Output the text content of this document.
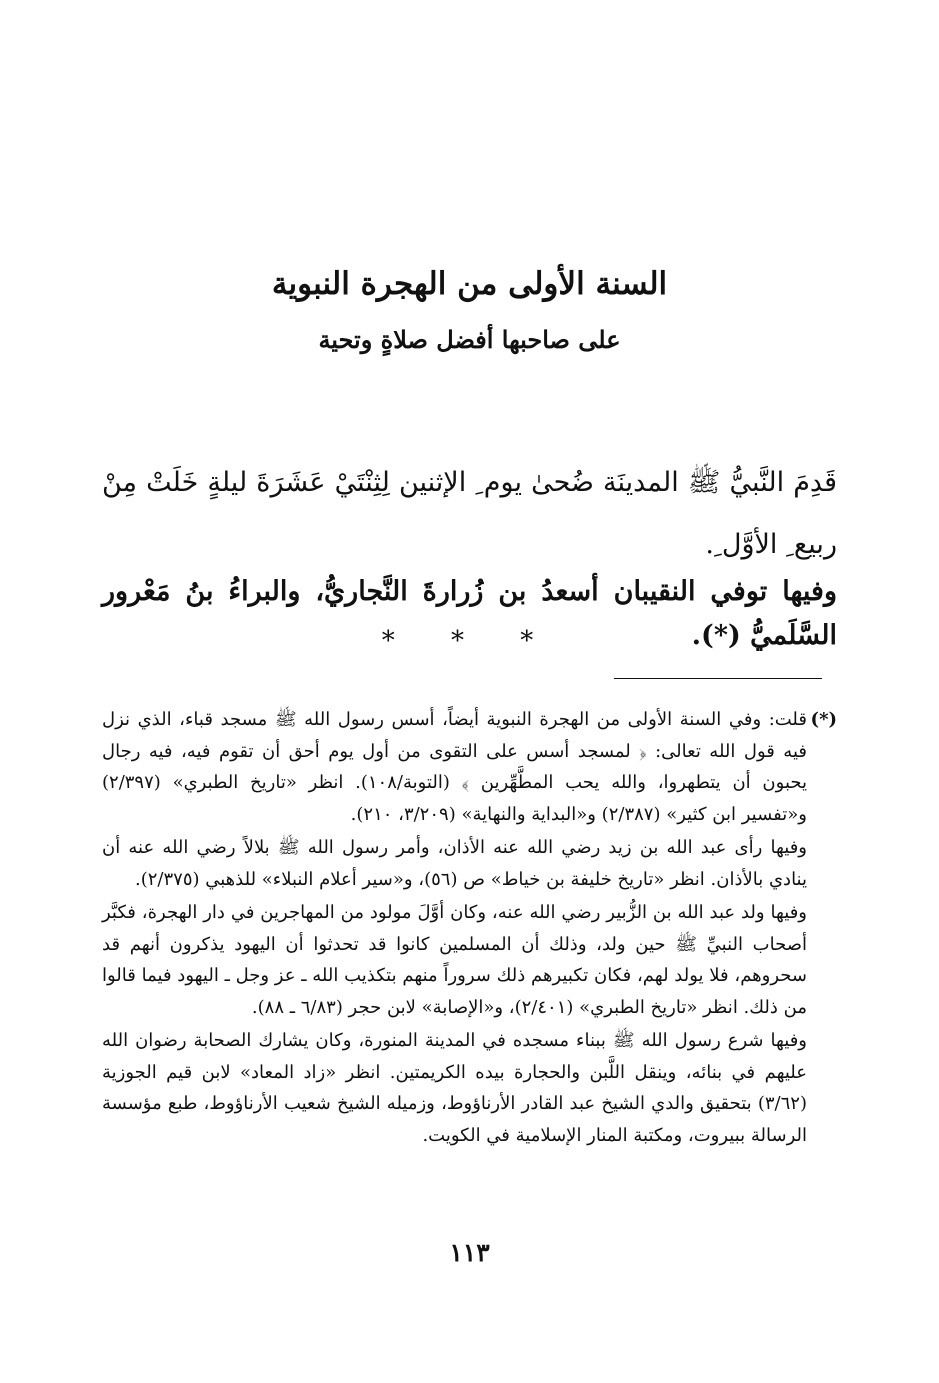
السنة الأولى من الهجرة النبوية
على صاحبها أفضل صلاةٍ وتحية

قَدِمَ النَّبيُّ ﷺ المدينَة ضُحىٰ يوم ِ الإثنين لِثِنْتَيْ عَشَرَةَ ليلةٍ خَلَتْ مِنْ ربيع ِ الأوَّل ِ.

وفيها توفي النقيبان أسعدُ بن زُرارةَ النَّجاريُّ، والبراءُ بنُ مَعْرور السَّلَميُّ (*).

* * *

(*)
قلت: وفي السنة الأولى من الهجرة النبوية أيضاً، أسس رسول الله ﷺ مسجد قباء، الذي نزل فيه قول الله تعالى: ﴿ لمسجد أسس على التقوى من أول يوم أحق أن تقوم فيه، فيه رجال يحبون أن يتطهروا، والله يحب المطَّهِّرين ﴾ (التوبة/١٠٨). انظر «تاريخ الطبري» (٢/٣٩٧) و«تفسير ابن كثير» (٢/٣٨٧) و«البداية والنهاية» (٣/٢٠٩، ٢١٠).

وفيها رأى عبد الله بن زيد رضي الله عنه الأذان، وأمر رسول الله ﷺ بلالاً رضي الله عنه أن ينادي بالأذان. انظر «تاريخ خليفة بن خياط» ص (٥٦)، و«سير أعلام النبلاء» للذهبي (٢/٣٧٥).

وفيها ولد عبد الله بن الزُّبير رضي الله عنه، وكان أوَّلَ مولود من المهاجرين في دار الهجرة، فكبَّر أصحاب النبيِّ ﷺ حين ولد، وذلك أن المسلمين كانوا قد تحدثوا أن اليهود يذكرون أنهم قد سحروهم، فلا يولد لهم، فكان تكبيرهم ذلك سروراً منهم بتكذيب الله ـ عز وجل ـ اليهود فيما قالوا من ذلك. انظر «تاريخ الطبري» (٢/٤٠١)، و«الإصابة» لابن حجر (٦/٨٣ ـ ٨٨).

وفيها شرع رسول الله ﷺ ببناء مسجده في المدينة المنورة، وكان يشارك الصحابة رضوان الله عليهم في بنائه، وينقل اللَّبن والحجارة بيده الكريمتين. انظر «زاد المعاد» لابن قيم الجوزية (٣/٦٢) بتحقيق والدي الشيخ عبد القادر الأرناؤوط، وزميله الشيخ شعيب الأرناؤوط، طبع مؤسسة الرسالة ببيروت، ومكتبة المنار الإسلامية في الكويت.

١١٣
